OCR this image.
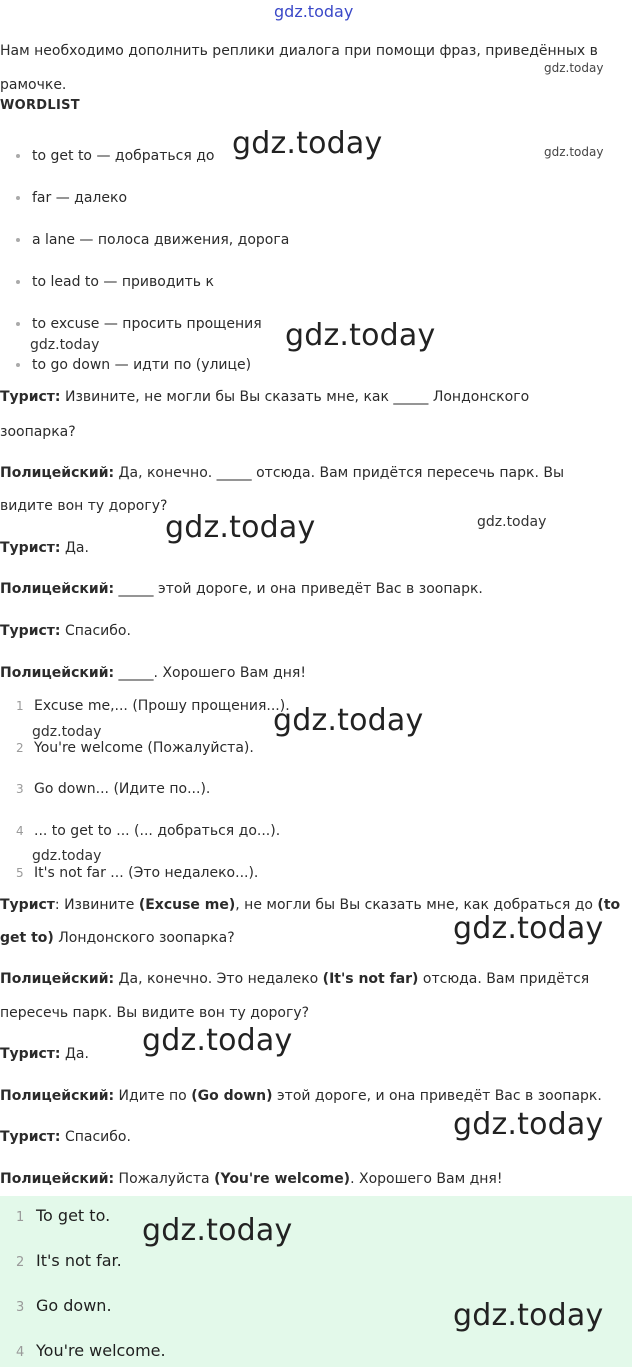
gdz.today
Нам необходимо дополнить реплики диалога при помощи фраз, приведённых в рамочке.
WORDLIST
to get to — добраться до
far — далеко
a lane — полоса движения, дорога
to lead to — приводить к
to excuse — просить прощения
to go down — идти по (улице)
Турист: Извините, не могли бы Вы сказать мне, как _____ Лондонского
зоопарка?
Полицейский: Да, конечно. _____ отсюда. Вам придётся пересечь парк. Вы
видите вон ту дорогу?
Турист: Да.
Полицейский: _____ этой дороге, и она приведёт Вас в зоопарк.
Турист: Спасибо.
Полицейский: _____. Хорошего Вам дня!
1 Excuse me,... (Прошу прощения...).
2 You're welcome (Пожалуйста).
3 Go down... (Идите по...).
4 ... to get to ... (... добраться до...).
5 It's not far ... (Это недалеко...).
Турист: Извините (Excuse me), не могли бы Вы сказать мне, как добраться до (to
get to) Лондонского зоопарка?
Полицейский: Да, конечно. Это недалеко (It's not far) отсюда. Вам придётся
пересечь парк. Вы видите вон ту дорогу?
Турист: Да.
Полицейский: Идите по (Go down) этой дороге, и она приведёт Вас в зоопарк.
Турист: Спасибо.
Полицейский: Пожалуйста (You're welcome). Хорошего Вам дня!
1 To get to.
2 It's not far.
3 Go down.
4 You're welcome.
gdz.today
gdz.today	gdz.today
gdz.today
gdz.today
gdz.today	gdz.today
gdz.today
gdz.today
gdz.today
gdz.today
gdz.today
gdz.today
gdz.today
gdz.today
